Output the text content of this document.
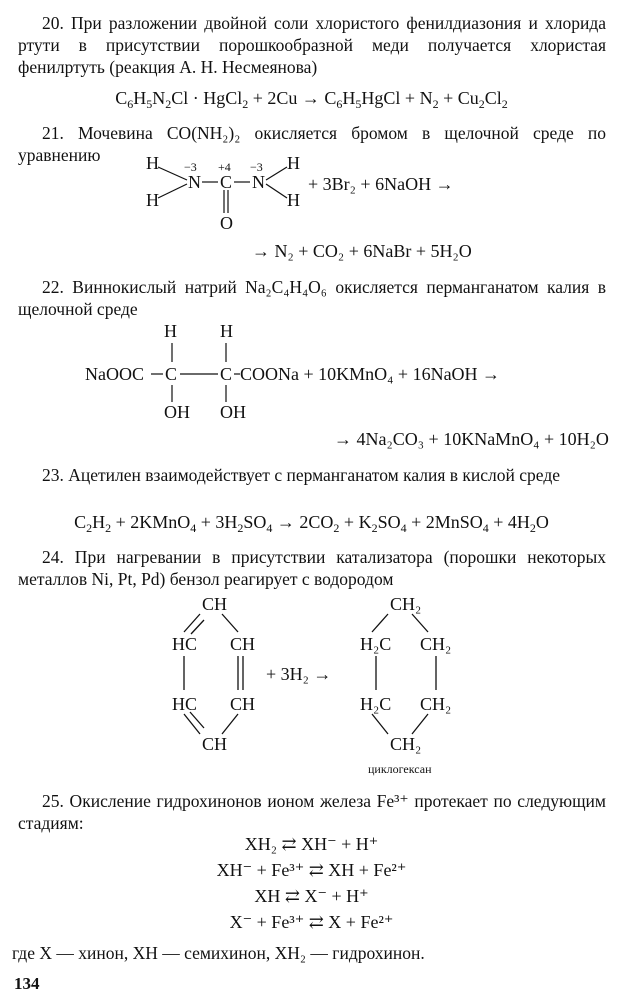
20. При разложении двойной соли хлористого фенилдиазония и хлорида ртути в присутствии порошкообразной меди получается хлористая фенилртуть (реакция А. Н. Несмеянова)
$C_6H_5N_2Cl$ · HgCl$_2$ + $2Cu \to C_6H_5HgCl + N_2 + Cu_2Cl_2$
21. Мочевина CO(NH₂)₂ окисляется бромом в щелочной среде по уравнению	H
H
N C N
H
H
O
−3 +4 −3
+ 3Br₂ + 6NaOH →
→ N₂ + CO₂ + 6NaBr + 5H₂O
H H
NaOOC C C COONa + 10KMnO₄ + 16NaOH →
OH OH
→ 4Na₂CO₃ + 10KNaMnO₄ + 10H₂O
CH
HC CH
HC CH
CH
+ 3H₂ →
CH₂
H₂C CH₂
H₂C CH₂
CH₂
циклогексан
22. Виннокислый натрий Na₂C₄H₄O₆ окисляется перманганатом калия в щелочной среде
23. Ацетилен взаимодействует с перманганатом калия в кислой среде
$C_2H_2$ + 2KMnO$_4$ + $3H_2SO_4 \to 2CO_2 + K_2SO_4$ + 2MnSO$_4$ + $4H_2O$
24. При нагревании в присутствии катализатора (порошки некоторых металлов Ni, Pt, Pd) бензол реагирует с водородом
25. Окисление гидрохинонов ионом железа Fe³⁺ протекает по следующим стадиям:
XH₂ ⇄ XH⁻ + H⁺
XH⁻ + Fe³⁺ ⇄ XH + Fe²⁺
XH ⇄ X⁻ + H⁺
X⁻ + Fe³⁺ ⇄ X + Fe²⁺
где X — хинон, XH — семихинон, XH₂ — гидрохинон.
134
